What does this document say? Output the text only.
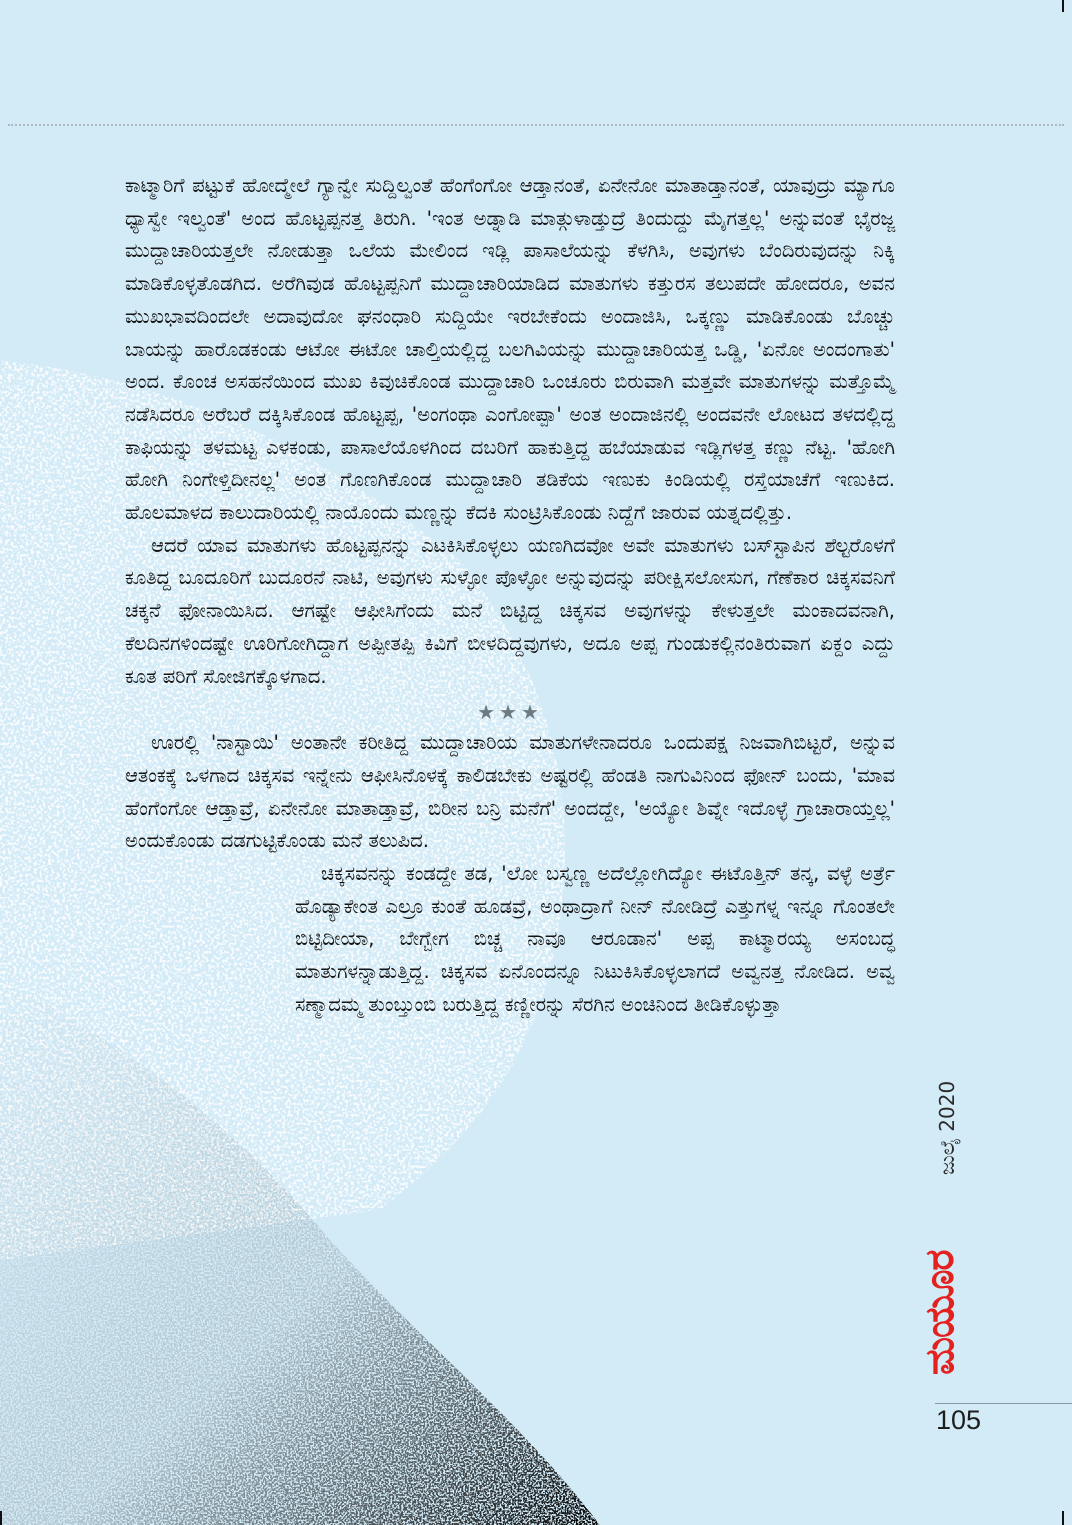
ಕಾಟ್ಮಾರಿಗೆ ಪಟ್ಟುಕೆ ಹೋದ್ಮೇಲೆ ಗ್ಯಾನ್ವೇ ಸುದ್ದಿಲ್ವಂತೆ ಹೆಂಗೆಂಗೋ ಆಡ್ತಾನಂತೆ, ಏನೇನೋ ಮಾತಾಡ್ತಾನಂತೆ, ಯಾವುದ್ರು ಮ್ಯಾಗೂ ಧ್ಯಾಸ್ವೇ ಇಲ್ವಂತೆ' ಅಂದ ಹೊಟ್ಟಪ್ಪನತ್ತ ತಿರುಗಿ. 'ಇಂತ ಅಡ್ನಾಡಿ ಮಾತ್ಗುಳಾಡ್ತುದ್ರೆ ತಿಂದುದ್ದು ಮೈಗತ್ತಲ್ಲ' ಅನ್ನುವಂತೆ ಭೈರಜ್ಜ ಮುದ್ದಾಚಾರಿಯತ್ತಲೇ ನೋಡುತ್ತಾ ಒಲೆಯ ಮೇಲಿಂದ ಇಡ್ಲಿ ಪಾಸಾಲೆಯನ್ನು ಕೆಳಗಿಸಿ, ಅವುಗಳು ಬೆಂದಿರುವುದನ್ನು ನಿಕ್ಕಿ ಮಾಡಿಕೊಳ್ಳತೊಡಗಿದ. ಅರೆಗಿವುಡ ಹೊಟ್ಟಪ್ಪನಿಗೆ ಮುದ್ದಾಚಾರಿಯಾಡಿದ ಮಾತುಗಳು ಕತ್ತುರಸ ತಲುಪದೇ ಹೋದರೂ, ಅವನ ಮುಖಭಾವದಿಂದಲೇ ಅದಾವುದೋ ಘನಂಧಾರಿ ಸುದ್ದಿಯೇ ಇರಬೇಕೆಂದು ಅಂದಾಜಿಸಿ, ಒಕ್ಕಣ್ಣು ಮಾಡಿಕೊಂಡು ಬೊಚ್ಚು ಬಾಯನ್ನು ಹಾರೊಡಕಂಡು ಆಟೋ ಈಟೋ ಚಾಲ್ತಿಯಲ್ಲಿದ್ದ ಬಲಗಿವಿಯನ್ನು ಮುದ್ದಾಚಾರಿಯತ್ತ ಒಡ್ಡಿ, 'ಏನೋ ಅಂದಂಗಾತು' ಅಂದ. ಕೊಂಚ ಅಸಹನೆಯಿಂದ ಮುಖ ಕಿವುಚಿಕೊಂಡ ಮುದ್ದಾಚಾರಿ ಒಂಚೂರು ಬಿರುವಾಗಿ ಮತ್ತವೇ ಮಾತುಗಳನ್ನು ಮತ್ತೊಮ್ಮೆ ನಡೆಸಿದರೂ ಅರೆಬರೆ ದಕ್ಕಿಸಿಕೊಂಡ ಹೊಟ್ಟಪ್ಪ, 'ಅಂಗಂಥಾ ಎಂಗೋಪ್ಪಾ' ಅಂತ ಅಂದಾಜಿನಲ್ಲಿ ಅಂದವನೇ ಲೋಟದ ತಳದಲ್ಲಿದ್ದ ಕಾಫಿಯನ್ನು ತಳಮಟ್ಟ ಎಳಕಂಡು, ಪಾಸಾಲೆಯೊಳಗಿಂದ ದಬರಿಗೆ ಹಾಕುತ್ತಿದ್ದ ಹಬೆಯಾಡುವ ಇಡ್ಲಿಗಳತ್ತ ಕಣ್ಣು ನೆಟ್ಟ. 'ಹೋಗಿ ಹೋಗಿ ನಿಂಗೇಳ್ತಿದೀನಲ್ಲ' ಅಂತ ಗೊಣಗಿಕೊಂಡ ಮುದ್ದಾಚಾರಿ ತಡಿಕೆಯ ಇಣುಕು ಕಿಂಡಿಯಲ್ಲಿ ರಸ್ತೆಯಾಚೆಗೆ ಇಣುಕಿದ. ಹೊಲಮಾಳದ ಕಾಲುದಾರಿಯಲ್ಲಿ ನಾಯೊಂದು ಮಣ್ಣನ್ನು ಕೆದಕಿ ಸುಂಟ್ರಿಸಿಕೊಂಡು ನಿದ್ದೆಗೆ ಜಾರುವ ಯತ್ನದಲ್ಲಿತ್ತು.

ಆದರೆ ಯಾವ ಮಾತುಗಳು ಹೊಟ್ಟಪ್ಪನನ್ನು ಎಟಕಿಸಿಕೊಳ್ಳಲು ಯಣಗಿದವೋ ಅವೇ ಮಾತುಗಳು ಬಸ್‌ಸ್ಟಾಪಿನ ಶೆಲ್ಟರೊಳಗೆ ಕೂತಿದ್ದ ಬೂದೂರಿಗೆ ಬುದೂರನೆ ನಾಟಿ, ಅವುಗಳು ಸುಳ್ಳೋ ಪೊಳ್ಳೋ ಅನ್ನುವುದನ್ನು ಪರೀಕ್ಷಿಸಲೋಸುಗ, ಗೆಣೆಕಾರ ಚಿಕ್ಕಸವನಿಗೆ ಚಕ್ಕನೆ ಫೋನಾಯಿಸಿದ. ಆಗಷ್ಟೇ ಆಫೀಸಿಗೆಂದು ಮನೆ ಬಿಟ್ಟಿದ್ದ ಚಿಕ್ಕಸವ ಅವುಗಳನ್ನು ಕೇಳುತ್ತಲೇ ಮಂಕಾದವನಾಗಿ, ಕೆಲದಿನಗಳಿಂದಷ್ಟೇ ಊರಿಗೋಗಿದ್ದಾಗ ಅಪ್ಪೀತಪ್ಪಿ ಕಿವಿಗೆ ಬೀಳದಿದ್ದವುಗಳು, ಅದೂ ಅಪ್ಪ ಗುಂಡುಕಲ್ಲಿನಂತಿರುವಾಗ ಏಕ್ದಂ ಎದ್ದು ಕೂತ ಪರಿಗೆ ಸೋಜಿಗಕ್ಕೊಳಗಾದ.

★★★

ಊರಲ್ಲಿ 'ನಾಸ್ಟಾಯಿ' ಅಂತಾನೇ ಕರೀತಿದ್ದ ಮುದ್ದಾಚಾರಿಯ ಮಾತುಗಳೇನಾದರೂ ಒಂದುಪಕ್ಷ ನಿಜವಾಗಿಬಿಟ್ಟರೆ, ಅನ್ನುವ ಆತಂಕಕ್ಕೆ ಒಳಗಾದ ಚಿಕ್ಕಸವ ಇನ್ನೇನು ಆಫೀಸಿನೊಳಕ್ಕೆ ಕಾಲಿಡಬೇಕು ಅಷ್ಟರಲ್ಲಿ ಹೆಂಡತಿ ನಾಗುವಿನಿಂದ ಫೋನ್ ಬಂದು, 'ಮಾವ ಹೆಂಗೆಂಗೋ ಆಡ್ತಾವ್ರೆ, ಏನೇನೋ ಮಾತಾಡ್ತಾವ್ರೆ, ಬಿರೀನ ಬನ್ರಿ ಮನೆಗೆ' ಅಂದದ್ದೇ, 'ಅಯ್ಯೋ ಶಿವ್ನೇ ಇದೊಳ್ಳೆ ಗ್ರಾಚಾರಾಯ್ತಲ್ಲ' ಅಂದುಕೊಂಡು ದಡಗುಟ್ಟಿಕೊಂಡು ಮನೆ ತಲುಪಿದ.

ಚಿಕ್ಕಸವನನ್ನು ಕಂಡದ್ದೇ ತಡ, 'ಲೋ ಬಸ್ವಣ್ಣ ಅದೆಲ್ಲೋಗಿದ್ಯೋ ಈಟೊತ್ತಿನ್ ತನ್ಕ, ವಳ್ಳೆ ಅರ್ತ್ರೆ ಹೊಡ್ಯಾಕೇಂತ ಎಲ್ರೂ ಕುಂತೆ ಹೂಡವ್ರೆ, ಅಂಥಾದ್ರಾಗೆ ನೀನ್ ನೋಡಿದ್ರೆ ಎತ್ತುಗಳ್ನ ಇನ್ನೂ ಗೊಂತಲೇ ಬಿಟ್ಟಿದೀಯಾ, ಬೇಗ್ಬೇಗ ಬಿಚ್ಚ ನಾವೂ ಆರೂಡಾನ' ಅಪ್ಪ ಕಾಟ್ಮಾರಯ್ಯ ಅಸಂಬದ್ಧ ಮಾತುಗಳನ್ನಾಡುತ್ತಿದ್ದ. ಚಿಕ್ಕಸವ ಏನೊಂದನ್ನೂ ನಿಟುಕಿಸಿಕೊಳ್ಳಲಾಗದೆ ಅವ್ವನತ್ತ ನೋಡಿದ. ಅವ್ವ ಸಣ್ಮಾದಮ್ಮ ತುಂಬ್ತುಂಬಿ ಬರುತ್ತಿದ್ದ ಕಣ್ಣೀರನ್ನು ಸೆರಗಿನ ಅಂಚಿನಿಂದ ತೀಡಿಕೊಳ್ಳುತ್ತಾ

ಜುಲೈ 2020
ಮಯೂರ
105
